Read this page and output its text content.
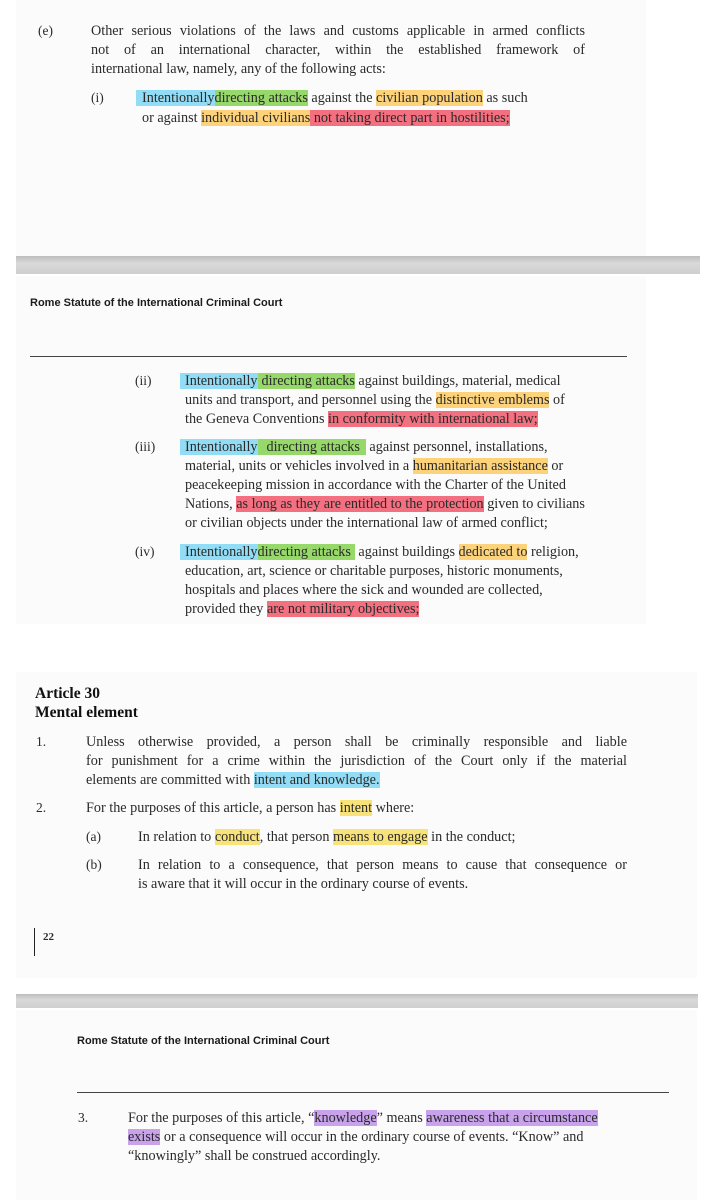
(e)	Other serious violations of the laws and customs applicable in armed conflicts
not of an international character, within the established framework of
international law, namely, any of the following acts:
(i)	Intentionallydirecting attacks against the civilian population as such
or against individual civilians not taking direct part in hostilities;
Rome Statute of the International Criminal Court
(ii)	Intentionally directing attacks against buildings, material, medical
units and transport, and personnel using the distinctive emblems of
the Geneva Conventions in conformity with international law;
(iii)	Intentionally directing attacks against personnel, installations,
material, units or vehicles involved in a humanitarian assistance or
peacekeeping mission in accordance with the Charter of the United
Nations, as long as they are entitled to the protection given to civilians
or civilian objects under the international law of armed conflict;
(iv)	Intentionallydirecting attacks against buildings dedicated to religion,
education, art, science or charitable purposes, historic monuments,
hospitals and places where the sick and wounded are collected,
provided they are not military objectives;
Article 30
Mental element
1.	Unless otherwise provided, a person shall be criminally responsible and liable
for punishment for a crime within the jurisdiction of the Court only if the material
elements are committed with intent and knowledge.
2.	For the purposes of this article, a person has intent where:
(a)	In relation to conduct, that person means to engage in the conduct;
(b)	In relation to a consequence, that person means to cause that consequence or
is aware that it will occur in the ordinary course of events.
22
Rome Statute of the International Criminal Court
3.	For the purposes of this article, “knowledge” means awareness that a circumstance
exists or a consequence will occur in the ordinary course of events. “Know” and
“knowingly” shall be construed accordingly.
